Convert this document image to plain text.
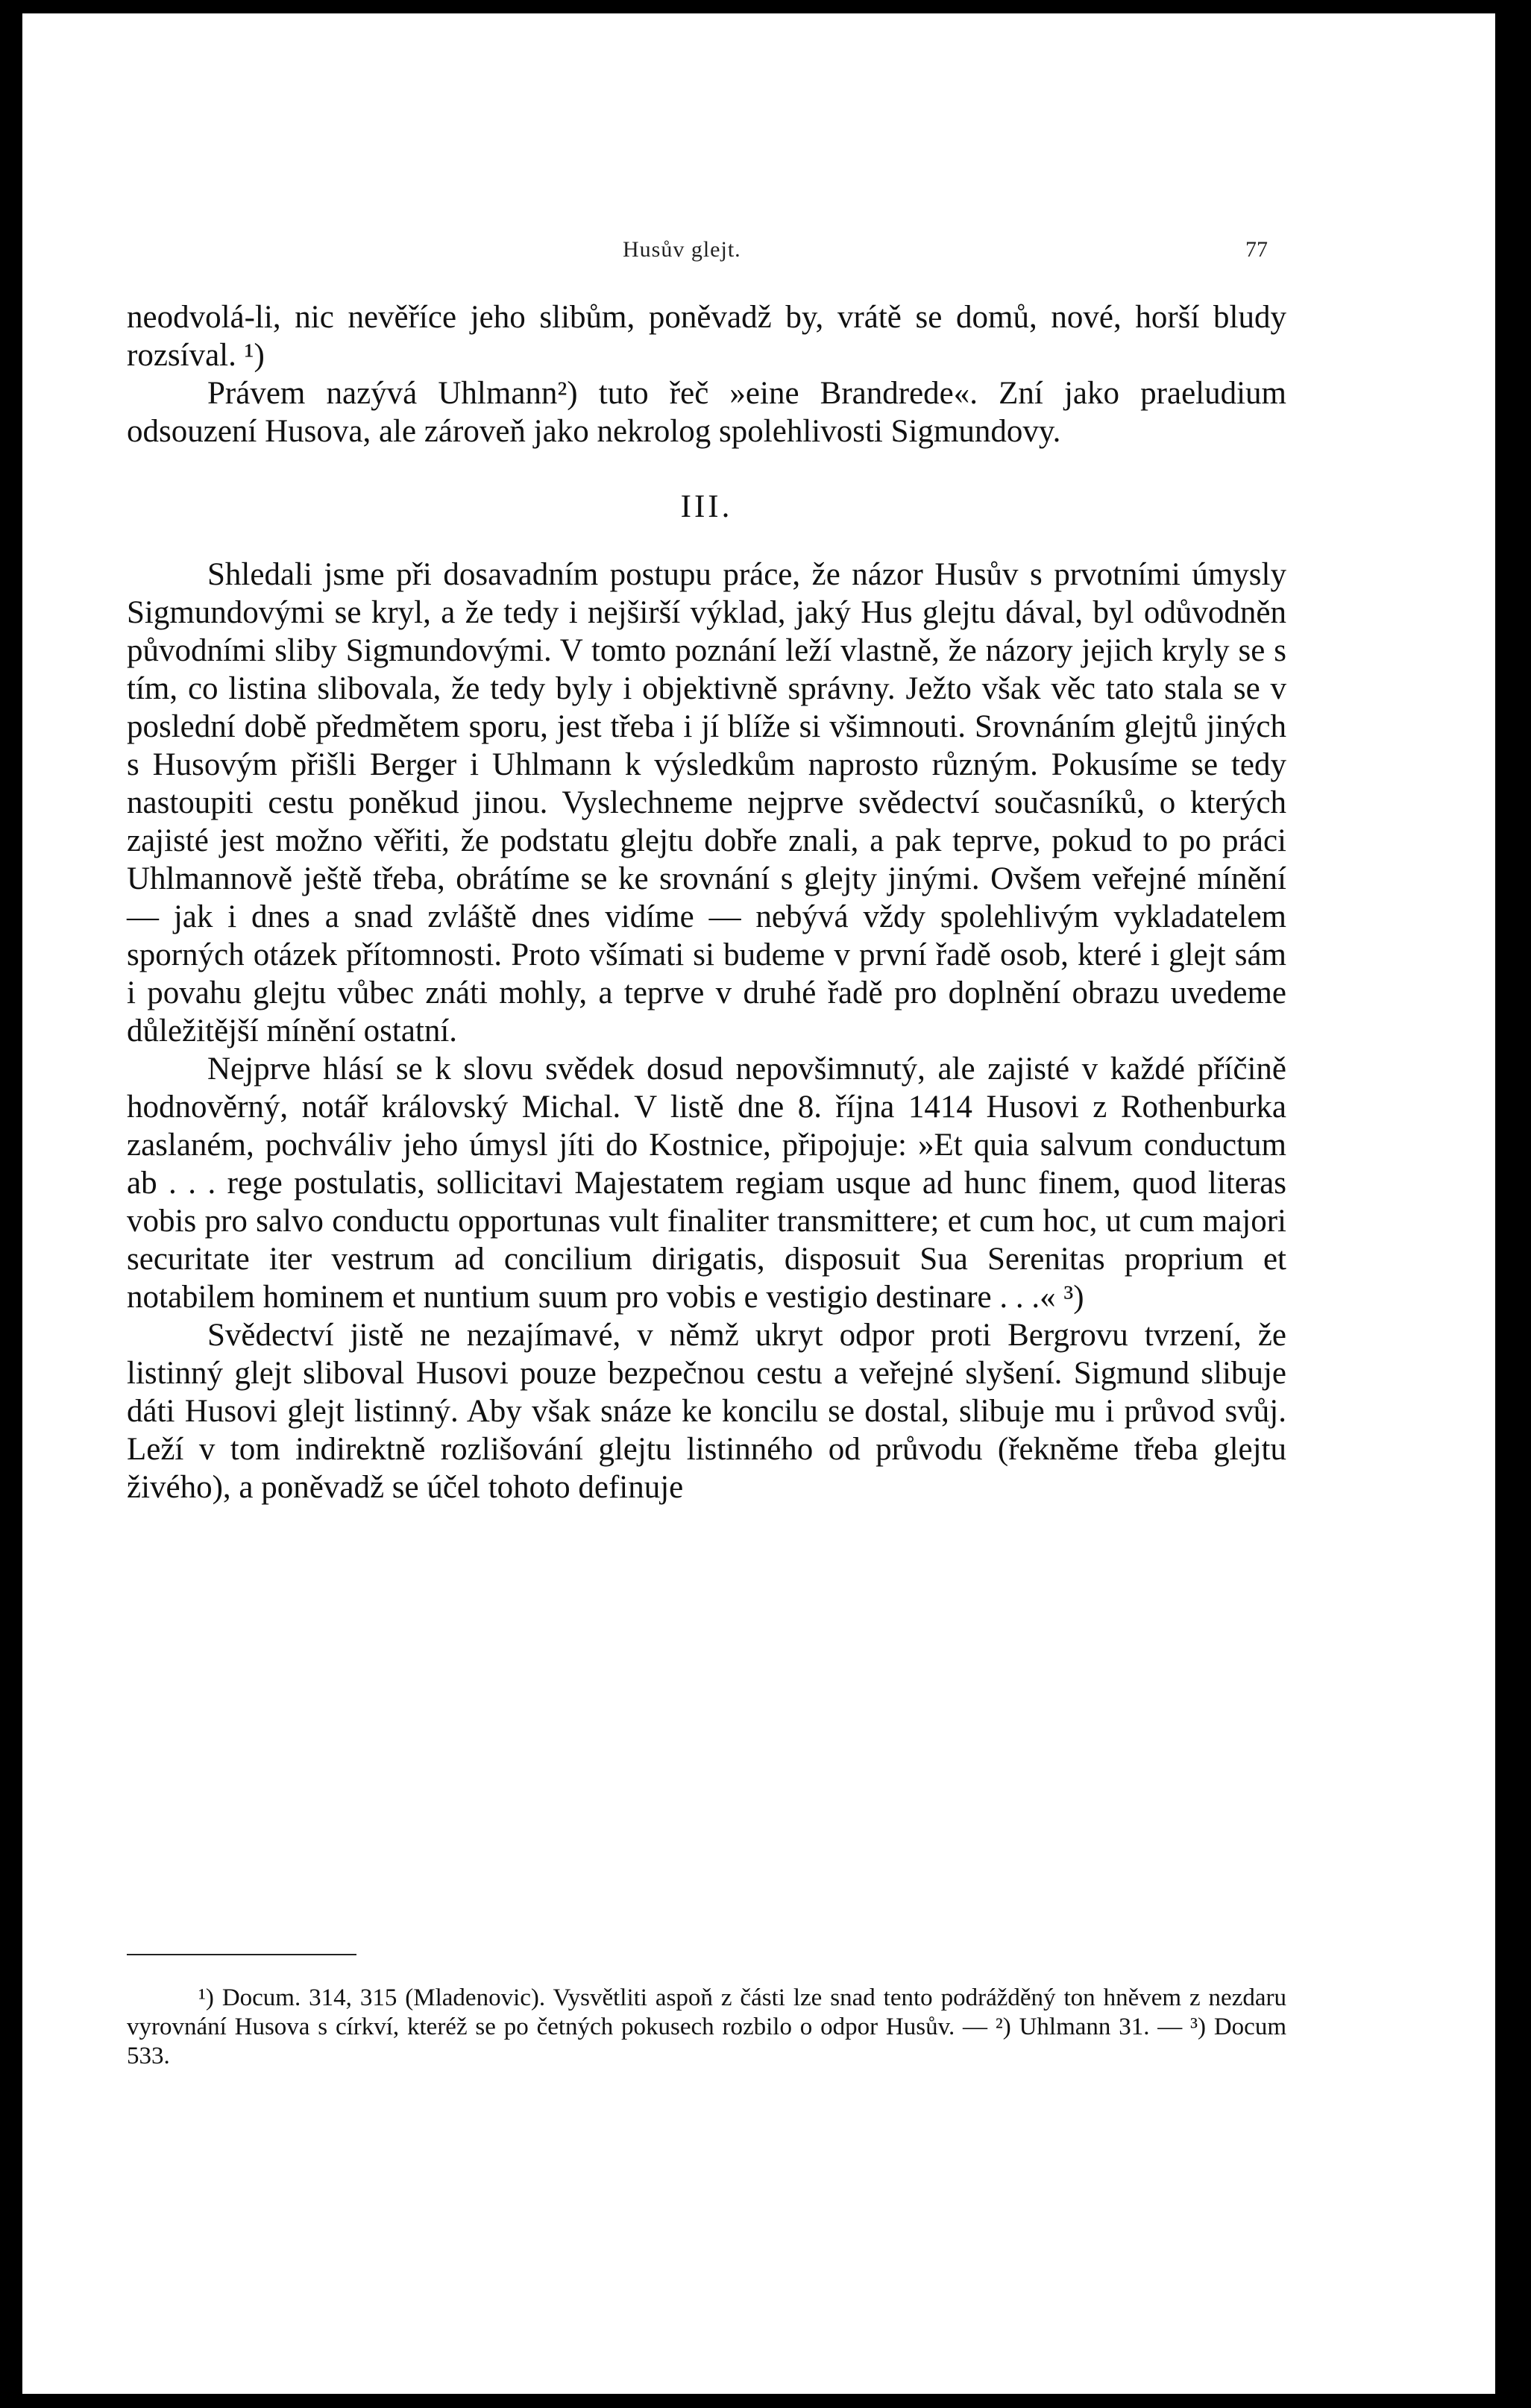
Husův glejt.	77

neodvolá-li, nic nevěříce jeho slibům, poněvadž by, vrátě se domů, nové, horší bludy rozsíval. ¹)

Právem nazývá Uhlmann²) tuto řeč »eine Brandrede«. Zní jako praeludium odsouzení Husova, ale zároveň jako nekrolog spolehlivosti Sigmundovy.

III.

Shledali jsme při dosavadním postupu práce, že názor Husův s prvotními úmysly Sigmundovými se kryl, a že tedy i nejširší výklad, jaký Hus glejtu dával, byl odůvodněn původními sliby Sigmundovými. V tomto poznání leží vlastně, že názory jejich kryly se s tím, co listina slibovala, že tedy byly i objektivně správny. Ježto však věc tato stala se v poslední době předmětem sporu, jest třeba i jí blíže si všimnouti. Srovnáním glejtů jiných s Husovým přišli Berger i Uhlmann k výsledkům naprosto různým. Pokusíme se tedy nastoupiti cestu poněkud jinou. Vyslechneme nejprve svědectví současníků, o kterých zajisté jest možno věřiti, že podstatu glejtu dobře znali, a pak teprve, pokud to po práci Uhlmannově ještě třeba, obrátíme se ke srovnání s glejty jinými. Ovšem veřejné mínění — jak i dnes a snad zvláště dnes vidíme — nebývá vždy spolehlivým vykladatelem sporných otázek přítomnosti. Proto všímati si budeme v první řadě osob, které i glejt sám i povahu glejtu vůbec znáti mohly, a teprve v druhé řadě pro doplnění obrazu uvedeme důležitější mínění ostatní.

Nejprve hlásí se k slovu svědek dosud nepovšimnutý, ale zajisté v každé příčině hodnověrný, notář královský Michal. V listě dne 8. října 1414 Husovi z Rothenburka zaslaném, pochváliv jeho úmysl jíti do Kostnice, připojuje: »Et quia salvum conductum ab . . . rege postulatis, sollicitavi Majestatem regiam usque ad hunc finem, quod literas vobis pro salvo conductu opportunas vult finaliter transmittere; et cum hoc, ut cum majori securitate iter vestrum ad concilium dirigatis, disposuit Sua Serenitas proprium et notabilem hominem et nuntium suum pro vobis e vestigio destinare . . .« ³)

Svědectví jistě ne nezajímavé, v němž ukryt odpor proti Bergrovu tvrzení, že listinný glejt sliboval Husovi pouze bezpečnou cestu a veřejné slyšení. Sigmund slibuje dáti Husovi glejt listinný. Aby však snáze ke koncilu se dostal, slibuje mu i průvod svůj. Leží v tom indirektně rozlišování glejtu listinného od průvodu (řekněme třeba glejtu živého), a poněvadž se účel tohoto definuje

¹) Docum. 314, 315 (Mladenovic). Vysvětliti aspoň z části lze snad tento podrážděný ton hněvem z nezdaru vyrovnání Husova s církví, kteréž se po četných pokusech rozbilo o odpor Husův. — ²) Uhlmann 31. — ³) Docum 533.
